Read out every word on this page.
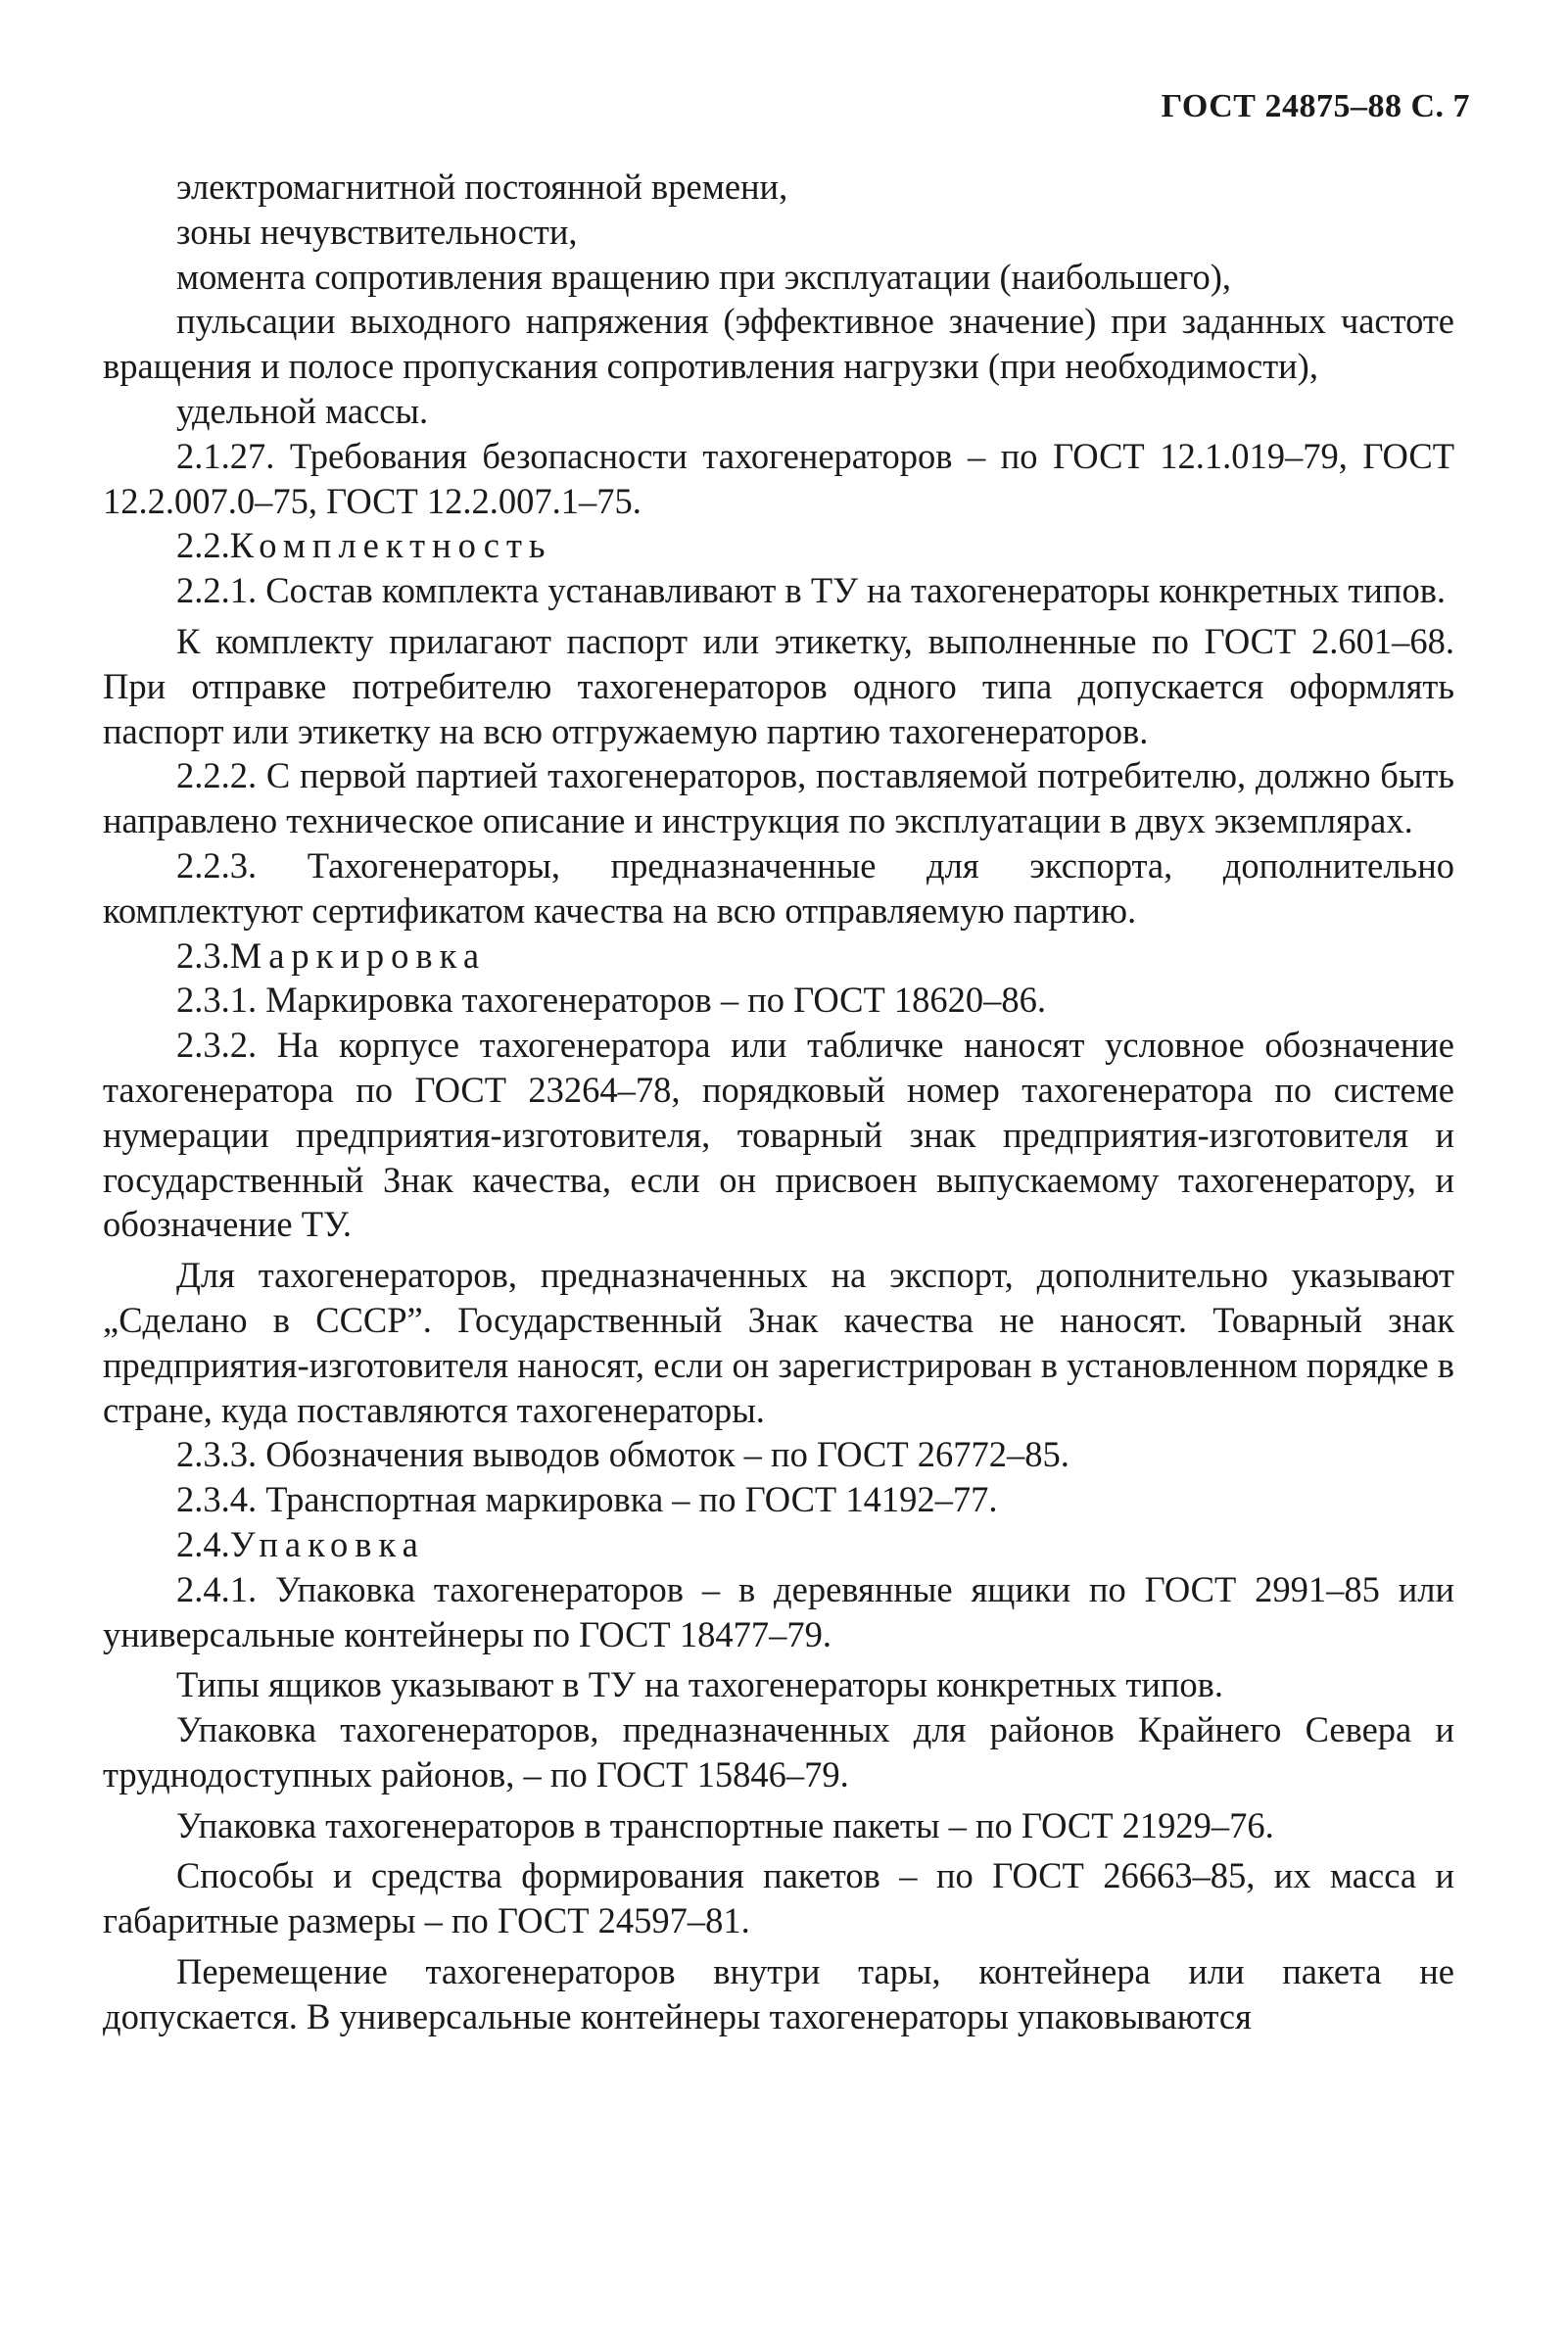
ГОСТ 24875–88 С. 7

электромагнитной постоянной времени,

зоны нечувствительности,

момента сопротивления вращению при эксплуатации (наибольшего),

пульсации выходного напряжения (эффективное значение) при заданных частоте вращения и полосе пропускания сопротивления нагрузки (при необходимости),

удельной массы.

2.1.27. Требования безопасности тахогенераторов – по ГОСТ 12.1.019–79, ГОСТ 12.2.007.0–75, ГОСТ 12.2.007.1–75.

2.2.Комплектность

2.2.1. Состав комплекта устанавливают в ТУ на тахогенераторы конкретных типов.

К комплекту прилагают паспорт или этикетку, выполненные по ГОСТ 2.601–68. При отправке потребителю тахогенераторов одного типа допускается оформлять паспорт или этикетку на всю отгружаемую партию тахогенераторов.

2.2.2. С первой партией тахогенераторов, поставляемой потребителю, должно быть направлено техническое описание и инструкция по эксплуатации в двух экземплярах.

2.2.3. Тахогенераторы, предназначенные для экспорта, дополнительно комплектуют сертификатом качества на всю отправляемую партию.

2.3.Маркировка

2.3.1. Маркировка тахогенераторов – по ГОСТ 18620–86.

2.3.2. На корпусе тахогенератора или табличке наносят условное обозначение тахогенератора по ГОСТ 23264–78, порядковый номер тахогенератора по системе нумерации предприятия-изготовителя, товарный знак предприятия-изготовителя и государственный Знак качества, если он присвоен выпускаемому тахогенератору, и обозначение ТУ.

Для тахогенераторов, предназначенных на экспорт, дополнительно указывают „Сделано в СССР”. Государственный Знак качества не наносят. Товарный знак предприятия-изготовителя наносят, если он зарегистрирован в установленном порядке в стране, куда поставляются тахогенераторы.

2.3.3. Обозначения выводов обмоток – по ГОСТ 26772–85.

2.3.4. Транспортная маркировка – по ГОСТ 14192–77.

2.4.Упаковка

2.4.1. Упаковка тахогенераторов – в деревянные ящики по ГОСТ 2991–85 или универсальные контейнеры по ГОСТ 18477–79.

Типы ящиков указывают в ТУ на тахогенераторы конкретных типов.

Упаковка тахогенераторов, предназначенных для районов Крайнего Севера и труднодоступных районов, – по ГОСТ 15846–79.

Упаковка тахогенераторов в транспортные пакеты – по ГОСТ 21929–76.

Способы и средства формирования пакетов – по ГОСТ 26663–85, их масса и габаритные размеры – по ГОСТ 24597–81.

Перемещение тахогенераторов внутри тары, контейнера или пакета не допускается. В универсальные контейнеры тахогенераторы упаковываются
